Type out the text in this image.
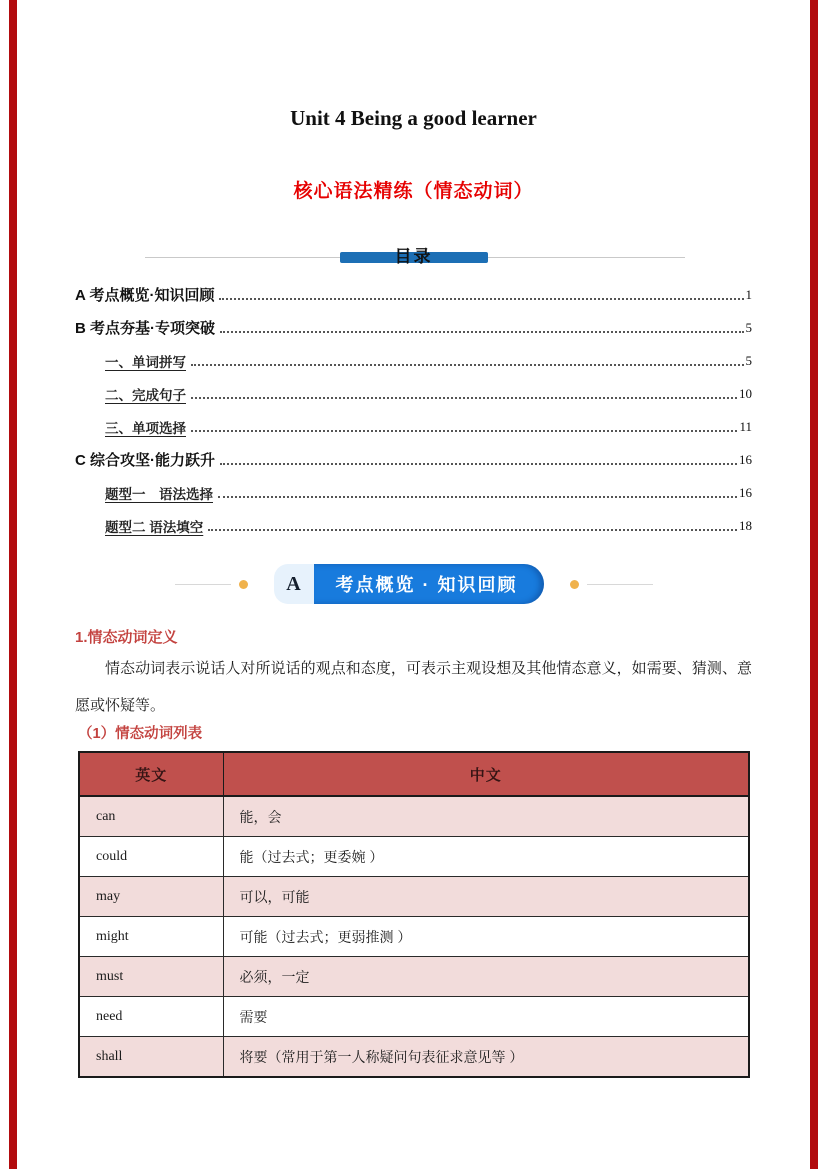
Unit 4 Being a good learner
核心语法精练（情态动词）
目录
A 考点概览·知识回顾	1
B 考点夯基·专项突破	5
一、单词拼写	5
二、完成句子	10
三、单项选择	11
C 综合攻坚·能力跃升	16
题型一　语法选择	16
题型二 语法填空	18
A	考点概览 · 知识回顾
1.情态动词定义
情态动词表示说话人对所说话的观点和态度，可表示主观设想及其他情态意义，如需要、猜测、意愿或怀疑等。
（1）情态动词列表
英文	中文
can	能，会
could	能（过去式；更委婉 ）
may	可以，可能
might	可能（过去式；更弱推测 ）
must	必须，一定
need	需要
shall	将要（常用于第一人称疑问句表征求意见等 ）
